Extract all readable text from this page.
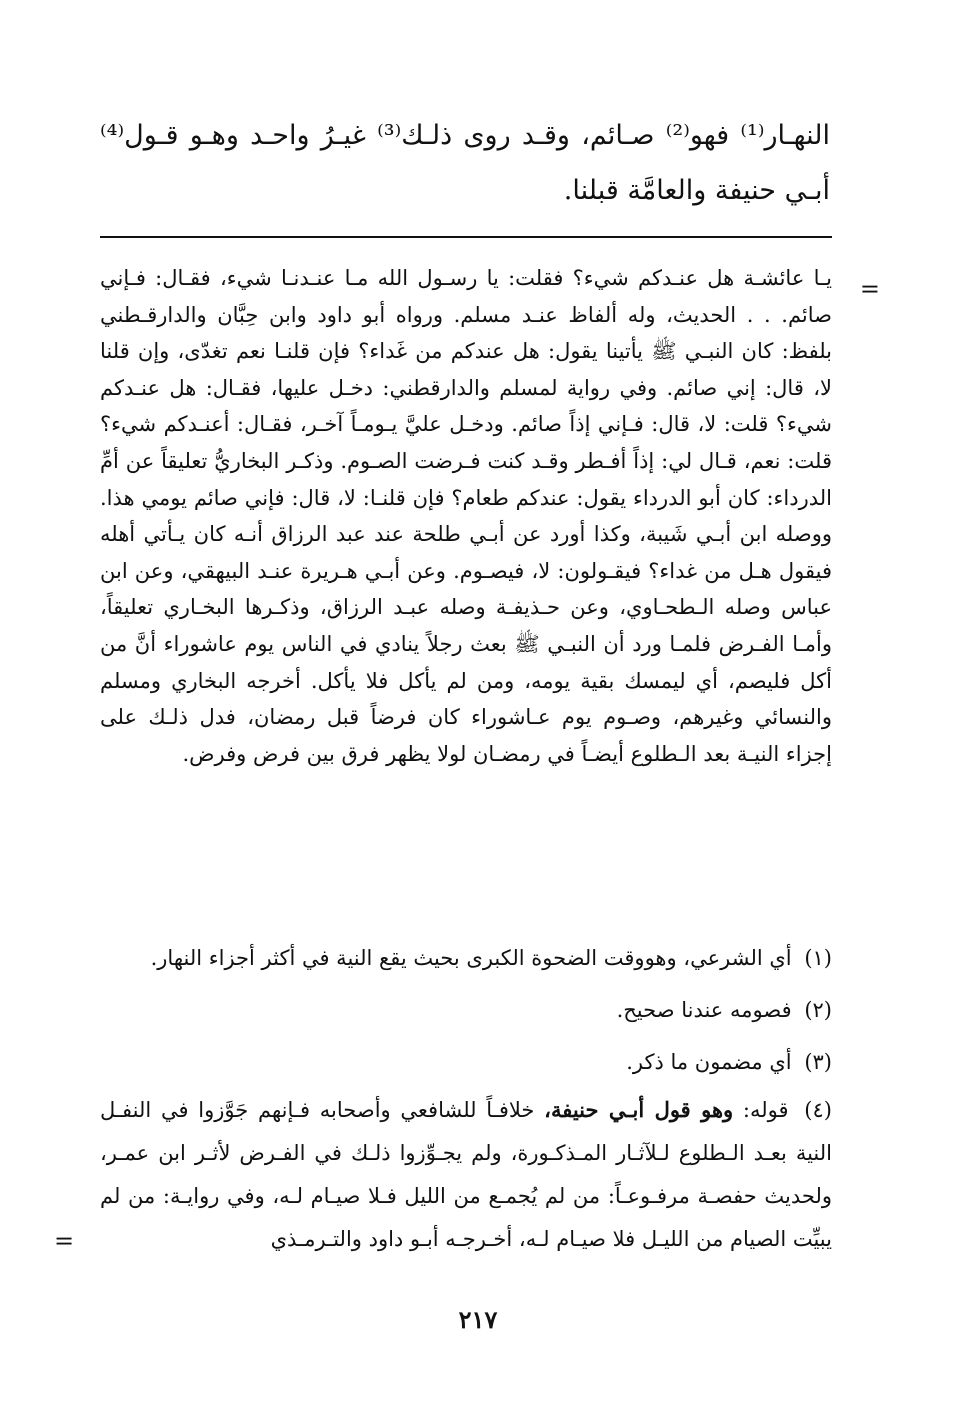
النهـار⁽¹⁾ فهو⁽²⁾ صـائم، وقـد روى ذلـك⁽³⁾ غيـرُ واحـد وهـو قـول⁽⁴⁾ أبـي حنيفة والعامَّة قبلنا.

=

يـا عائشـة هل عنـدكم شيء؟ فقلت: يا رسـول الله مـا عنـدنـا شيء، فقـال: فـإني صائم. . . الحديث، وله ألفاظ عنـد مسلم. ورواه أبو داود وابن حِبَّان والدارقـطني بلفظ: كان النبـي ﷺ يأتينا يقول: هل عندكم من غَداء؟ فإن قلنـا نعم تغدّى، وإن قلنا لا، قال: إني صائم. وفي رواية لمسلم والدارقطني: دخـل عليها، فقـال: هل عنـدكم شيء؟ قلت: لا، قال: فـإني إذاً صائم. ودخـل عليَّ يـومـاً آخـر، فقـال: أعنـدكم شيء؟ قلت: نعم، قـال لي: إذاً أفـطر وقـد كنت فـرضت الصـوم. وذكـر البخاريُّ تعليقاً عن أمِّ الدرداء: كان أبو الدرداء يقول: عندكم طعام؟ فإن قلنـا: لا، قال: فإني صائم يومي هذا. ووصله ابن أبـي شَيبة، وكذا أورد عن أبـي طلحة عند عبد الرزاق أنـه كان يـأتي أهله فيقول هـل من غداء؟ فيقـولون: لا، فيصـوم. وعن أبـي هـريرة عنـد البيهقي، وعن ابن عباس وصله الـطحـاوي، وعن حـذيفـة وصله عبـد الرزاق، وذكـرها البخـاري تعليقاً، وأمـا الفـرض فلمـا ورد أن النبـي ﷺ بعث رجلاً ينادي في الناس يوم عاشوراء أنَّ من أكل فليصم، أي ليمسك بقية يومه، ومن لم يأكل فلا يأكل. أخرجه البخاري ومسلم والنسائي وغيرهم، وصـوم يوم عـاشوراء كان فرضاً قبل رمضان، فدل ذلـك على إجزاء النيـة بعد الـطلوع أيضـاً في رمضـان لولا يظهر فرق بين فرض وفرض.

(١) أي الشرعي، وهووقت الضحوة الكبرى بحيث يقع النية في أكثر أجزاء النهار.

(٢) فصومه عندنا صحيح.

(٣) أي مضمون ما ذكر.

(٤) قوله: وهو قول أبـي حنيفة، خلافـاً للشافعي وأصحابه فـإنهم جَوَّزوا في النفـل النية بعـد الـطلوع لـلآثـار المـذكـورة، ولم يجـوِّزوا ذلـك في الفـرض لأثـر ابن عمـر، ولحديث حفصـة مرفـوعـاً: من لم يُجمـع من الليل فـلا صيـام لـه، وفي روايـة: من لم يبيِّت الصيام من الليـل فلا صيـام لـه، أخـرجـه أبـو داود والتـرمـذي

=
٢١٧
